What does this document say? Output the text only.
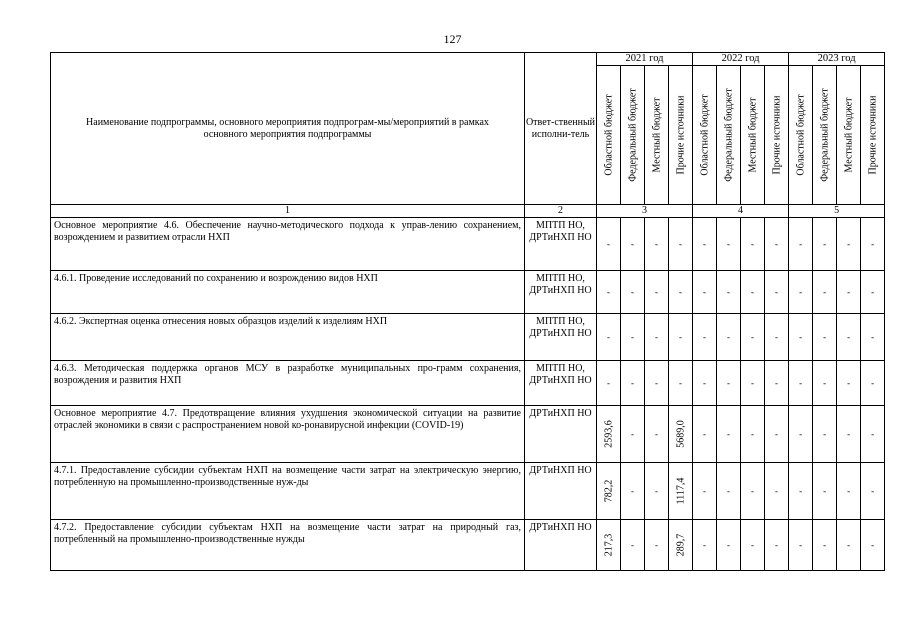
127
Наименование подпрограммы, основного мероприятия подпрограм-мы/мероприятий в рамках основного мероприятия подпрограммы	Ответ-ственный исполни-тель	2021 год				2022 год				2023 год			

		Областной бюджет	Федеральный бюджет	Местный бюджет	Прочие источники	Областной бюджет	Федеральный бюджет	Местный бюджет	Прочие источники	Областной бюджет	Федеральный бюджет	Местный бюджет	Прочие источники

1	2	3				4				5			
Основное мероприятие 4.6. Обеспечение научно-методического подхода к управ-лению сохранением, возрождением и развитием отрасли НХП	МПТП НО, ДРТиНХП НО	-	-	-	-	-	-	-	-	-	-	-	-
4.6.1. Проведение исследований по сохранению и возрождению видов НХП	МПТП НО, ДРТиНХП НО	-	-	-	-	-	-	-	-	-	-	-	-
4.6.2. Экспертная оценка отнесения новых образцов изделий к изделиям НХП	МПТП НО, ДРТиНХП НО	-	-	-	-	-	-	-	-	-	-	-	-
4.6.3. Методическая поддержка органов МСУ в разработке муниципальных про-грамм сохранения, возрождения и развития НХП	МПТП НО, ДРТиНХП НО	-	-	-	-	-	-	-	-	-	-	-	-
Основное мероприятие 4.7. Предотвращение влияния ухудшения экономической ситуации на развитие отраслей экономики в связи с распространением новой ко-ронавирусной инфекции (COVID-19)	ДРТиНХП НО	2593,6	-	-	5689,0	-	-	-	-	-	-	-	-
4.7.1. Предоставление субсидии субъектам НХП на возмещение части затрат на электрическую энергию, потребленную на промышленно-производственные нуж-ды	ДРТиНХП НО	782,2	-	-	1117,4	-	-	-	-	-	-	-	-
4.7.2. Предоставление субсидии субъектам НХП на возмещение части затрат на природный газ, потребленный на промышленно-производственные нужды	ДРТиНХП НО	217,3	-	-	289,7	-	-	-	-	-	-	-	-
